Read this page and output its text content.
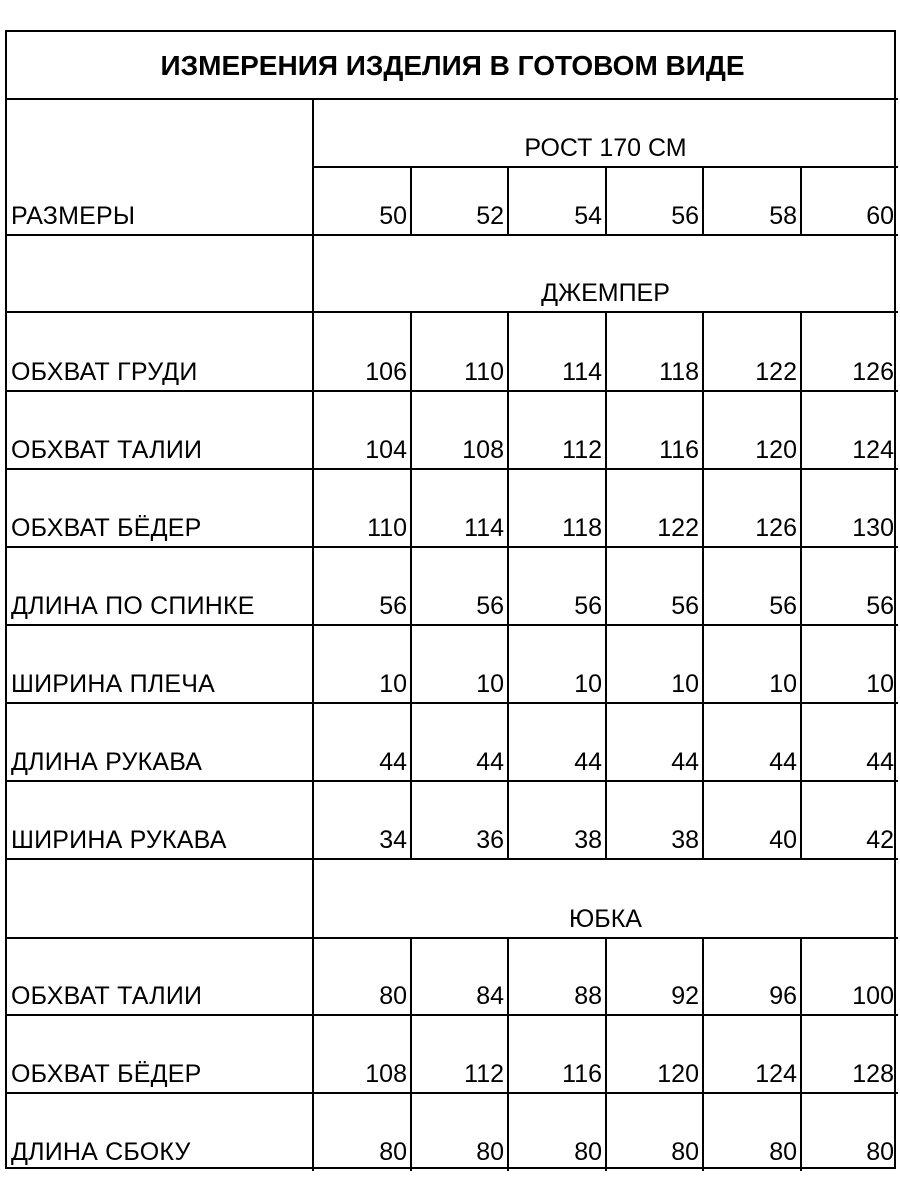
ИЗМЕРЕНИЯ ИЗДЕЛИЯ В ГОТОВОМ ВИДЕ
РОСТ 170 СМ
РАЗМЕРЫ	50	52	54	56	58	60
ДЖЕМПЕР
ОБХВАТ ГРУДИ	106	110	114	118	122	126
ОБХВАТ ТАЛИИ	104	108	112	116	120	124
ОБХВАТ БЁДЕР	110	114	118	122	126	130
ДЛИНА ПО СПИНКЕ	56	56	56	56	56	56
ШИРИНА ПЛЕЧА	10	10	10	10	10	10
ДЛИНА РУКАВА	44	44	44	44	44	44
ШИРИНА РУКАВА	34	36	38	38	40	42
ЮБКА
ОБХВАТ ТАЛИИ	80	84	88	92	96	100
ОБХВАТ БЁДЕР	108	112	116	120	124	128
ДЛИНА СБОКУ	80	80	80	80	80	80
